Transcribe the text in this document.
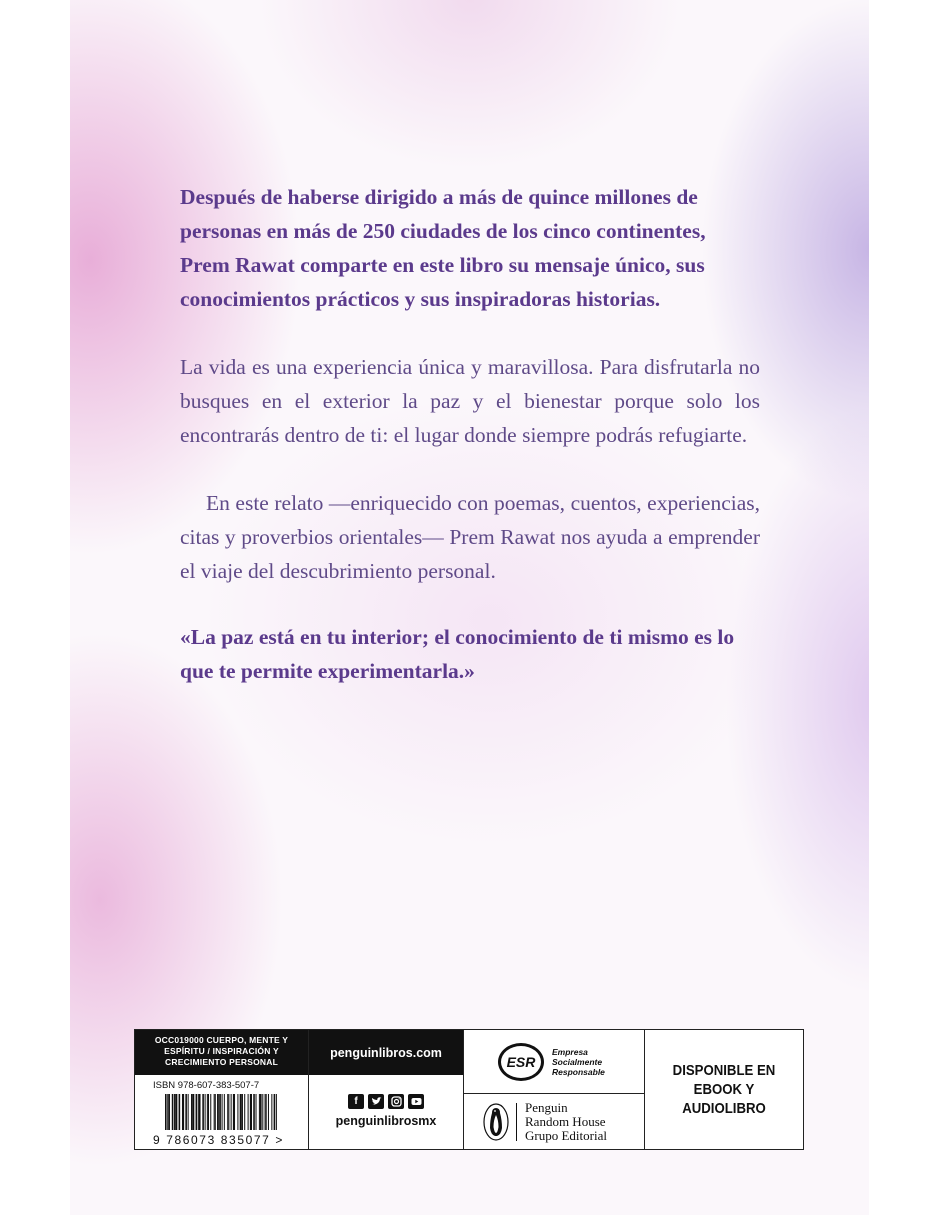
Después de haberse dirigido a más de quince millones de personas en más de 250 ciudades de los cinco continentes, Prem Rawat comparte en este libro su mensaje único, sus conocimientos prácticos y sus inspiradoras historias.

La vida es una experiencia única y maravillosa. Para disfrutarla no busques en el exterior la paz y el bienestar porque solo los encontrarás dentro de ti: el lugar donde siempre podrás refugiarte.

En este relato —enriquecido con poemas, cuentos, experiencias, citas y proverbios orientales— Prem Rawat nos ayuda a emprender el viaje del descubrimiento personal.

«La paz está en tu interior; el conocimiento de ti mismo es lo que te permite experimentarla.»

OCC019000 CUERPO, MENTE Y ESPÍRITU / INSPIRACIÓN Y CRECIMIENTO PERSONAL
ISBN 978-607-383-507-7
9 786073 835077 >
penguinlibros.com
f
penguinlibrosmx
ESR
Empresa
Socialmente
Responsable
Penguin
Random House
Grupo Editorial
DISPONIBLE EN
EBOOK Y AUDIOLIBRO
